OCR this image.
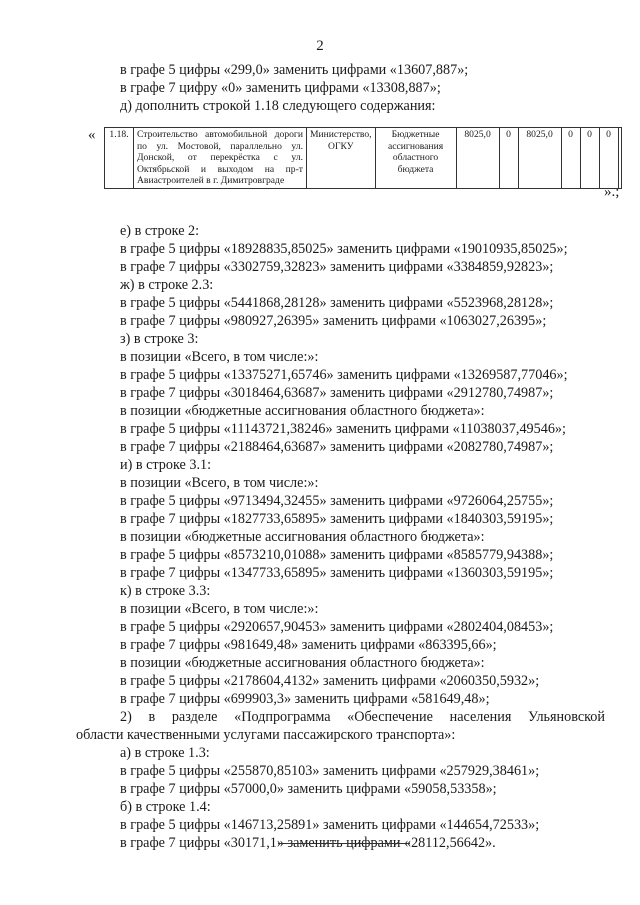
2
в графе 5 цифры «299,0» заменить цифрами «13607,887»;
в графе 7 цифру «0» заменить цифрами «13308,887»;
д) дополнить строкой 1.18 следующего содержания:
« 1.18.	Строительство автомобильной дороги по ул. Мостовой, параллельно ул. Донской, от перекрёстка с ул. Октябрьской и выходом на пр-т Авиастроителей в г. Димитровграде	Министерство, ОГКУ	Бюджетные ассигнования областного бюджета	8025,0	0	8025,0	0	0	0	
».;
е) в строке 2:
в графе 5 цифры «18928835,85025» заменить цифрами «19010935,85025»;
в графе 7 цифры «3302759,32823» заменить цифрами «3384859,92823»;
ж) в строке 2.3:
в графе 5 цифры «5441868,28128» заменить цифрами «5523968,28128»;
в графе 7 цифры «980927,26395» заменить цифрами «1063027,26395»;
з) в строке 3:
в позиции «Всего, в том числе:»:
в графе 5 цифры «13375271,65746» заменить цифрами «13269587,77046»;
в графе 7 цифры «3018464,63687» заменить цифрами «2912780,74987»;
в позиции «бюджетные ассигнования областного бюджета»:
в графе 5 цифры «11143721,38246» заменить цифрами «11038037,49546»;
в графе 7 цифры «2188464,63687» заменить цифрами «2082780,74987»;
и) в строке 3.1:
в позиции «Всего, в том числе:»:
в графе 5 цифры «9713494,32455» заменить цифрами «9726064,25755»;
в графе 7 цифры «1827733,65895» заменить цифрами «1840303,59195»;
в позиции «бюджетные ассигнования областного бюджета»:
в графе 5 цифры «8573210,01088» заменить цифрами «8585779,94388»;
в графе 7 цифры «1347733,65895» заменить цифрами «1360303,59195»;
к) в строке 3.3:
в позиции «Всего, в том числе:»:
в графе 5 цифры «2920657,90453» заменить цифрами «2802404,08453»;
в графе 7 цифры «981649,48» заменить цифрами «863395,66»;
в позиции «бюджетные ассигнования областного бюджета»:
в графе 5 цифры «2178604,4132» заменить цифрами «2060350,5932»;
в графе 7 цифры «699903,3» заменить цифрами «581649,48»;
2) в разделе «Подпрограмма «Обеспечение населения Ульяновской
области качественными услугами пассажирского транспорта»:
а) в строке 1.3:
в графе 5 цифры «255870,85103» заменить цифрами «257929,38461»;
в графе 7 цифры «57000,0» заменить цифрами «59058,53358»;
б) в строке 1.4:
в графе 5 цифры «146713,25891» заменить цифрами «144654,72533»;
в графе 7 цифры «30171,1» заменить цифрами «28112,56642».
